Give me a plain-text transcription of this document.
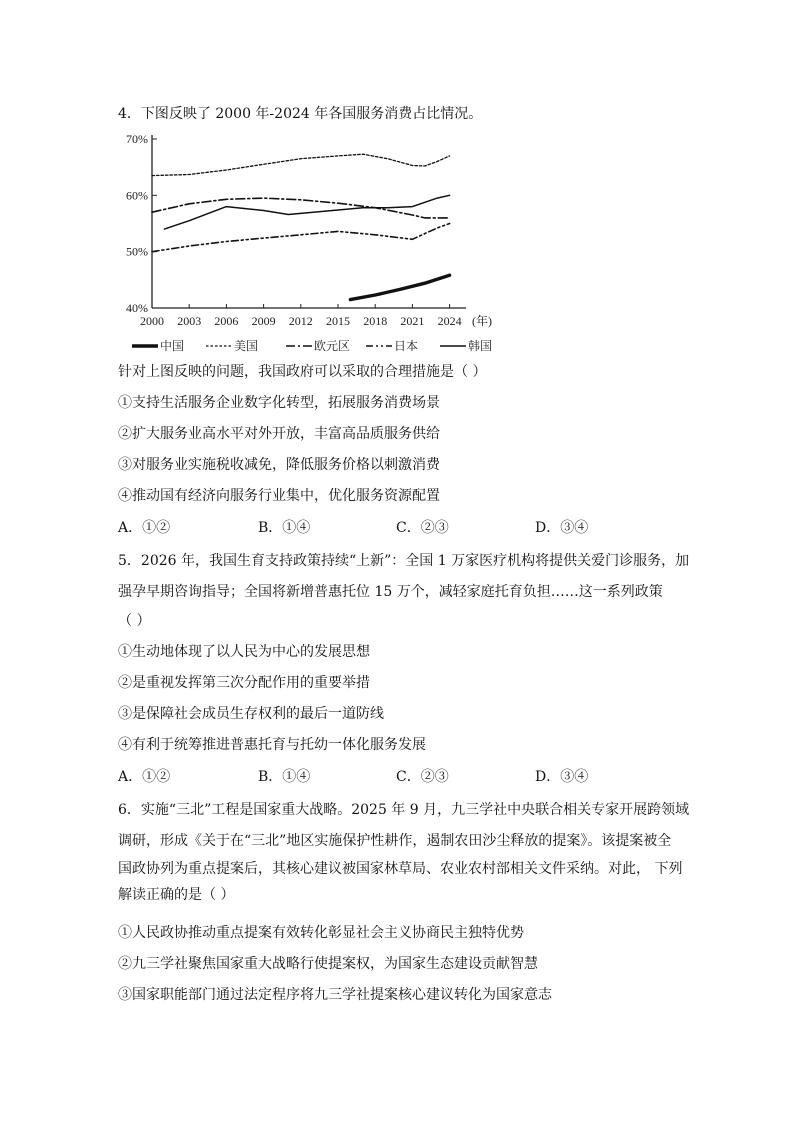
4．下图反映了 2000 年-2024 年各国服务消费占比情况。
40%
50%
60%
70%
2000 2003 2006 2009 2012 2015 2018 2021 2024 (年)
中国	美国	欧元区	日本	韩国
针对上图反映的问题，我国政府可以采取的合理措施是（ ）
①支持生活服务企业数字化转型，拓展服务消费场景
②扩大服务业高水平对外开放，丰富高品质服务供给
③对服务业实施税收减免，降低服务价格以刺激消费
④推动国有经济向服务行业集中，优化服务资源配置
A．①②	B．①④	C．②③	D．③④
5．2026 年，我国生育支持政策持续“上新”：全国 1 万家医疗机构将提供关爱门诊服务，加
强孕早期咨询指导；全国将新增普惠托位 15 万个，减轻家庭托育负担……这一系列政策
（ ）
①生动地体现了以人民为中心的发展思想
②是重视发挥第三次分配作用的重要举措
③是保障社会成员生存权利的最后一道防线
④有利于统筹推进普惠托育与托幼一体化服务发展
A．①②	B．①④	C．②③	D．③④
6．实施“三北”工程是国家重大战略。2025 年 9 月，九三学社中央联合相关专家开展跨领域
调研，形成《关于在“三北”地区实施保护性耕作，遏制农田沙尘释放的提案》。该提案被全
国政协列为重点提案后，其核心建议被国家林草局、农业农村部相关文件采纳。对此， 下列
解读正确的是（ ）
①人民政协推动重点提案有效转化彰显社会主义协商民主独特优势
②九三学社聚焦国家重大战略行使提案权，为国家生态建设贡献智慧
③国家职能部门通过法定程序将九三学社提案核心建议转化为国家意志
